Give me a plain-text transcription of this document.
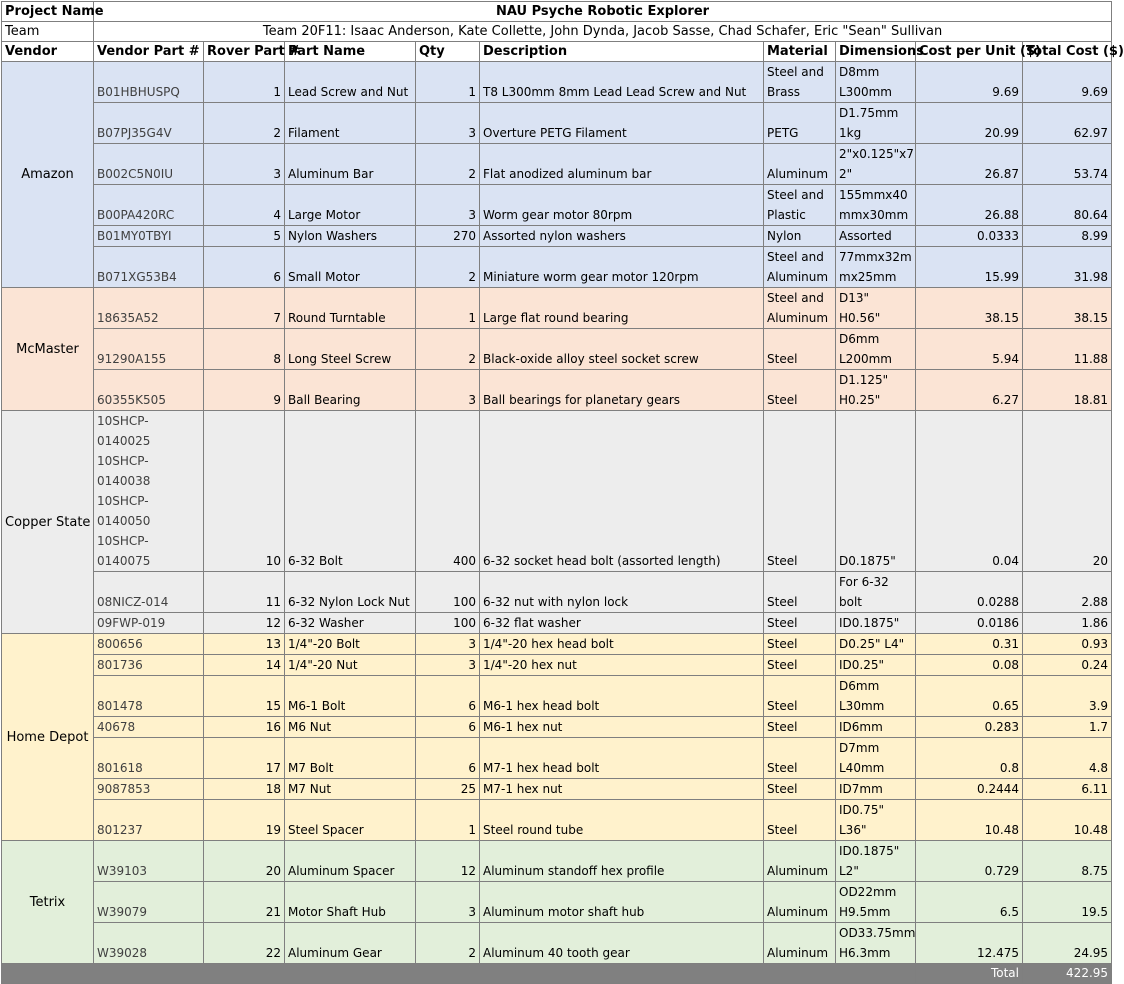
Project Name	NAU Psyche Robotic Explorer								
Team	Team 20F11: Isaac Anderson, Kate Collette, John Dynda, Jacob Sasse, Chad Schafer, Eric "Sean" Sullivan								
Vendor	Vendor Part #	Rover Part #	Part Name	Qty	Description	Material	Dimensions	Cost per Unit ($)	Total Cost ($)
Amazon	B01HBHUSPQ	1	Lead Screw and Nut	1	T8 L300mm 8mm Lead Lead Screw and Nut	Steel and Brass	D8mm L300mm	9.69	9.69
	B07PJ35G4V	2	Filament	3	Overture PETG Filament	PETG	D1.75mm 1kg	20.99	62.97
	B002C5N0IU	3	Aluminum Bar	2	Flat anodized aluminum bar	Aluminum	2"x0.125"x7 2"	26.87	53.74
	B00PA420RC	4	Large Motor	3	Worm gear motor 80rpm	Steel and Plastic	155mmx40 mmx30mm	26.88	80.64
	B01MY0TBYI	5	Nylon Washers	270	Assorted nylon washers	Nylon	Assorted	0.0333	8.99
	B071XG53B4	6	Small Motor	2	Miniature worm gear motor 120rpm	Steel and Aluminum	77mmx32m mx25mm	15.99	31.98
McMaster	18635A52	7	Round Turntable	1	Large flat round bearing	Steel and Aluminum	D13" H0.56"	38.15	38.15
	91290A155	8	Long Steel Screw	2	Black-oxide alloy steel socket screw	Steel	D6mm L200mm	5.94	11.88
	60355K505	9	Ball Bearing	3	Ball bearings for planetary gears	Steel	D1.125" H0.25"	6.27	18.81
Copper State	10SHCP-0140025 10SHCP-0140038 10SHCP-0140050 10SHCP-0140075	10	6-32 Bolt	400	6-32 socket head bolt (assorted length)	Steel	D0.1875"	0.04	20
	08NICZ-014	11	6-32 Nylon Lock Nut	100	6-32 nut with nylon lock	Steel	For 6-32 bolt	0.0288	2.88
	09FWP-019	12	6-32 Washer	100	6-32 flat washer	Steel	ID0.1875"	0.0186	1.86
Home Depot	800656	13	1/4"-20 Bolt	3	1/4"-20 hex head bolt	Steel	D0.25" L4"	0.31	0.93
	801736	14	1/4"-20 Nut	3	1/4"-20 hex nut	Steel	ID0.25"	0.08	0.24
	801478	15	M6-1 Bolt	6	M6-1 hex head bolt	Steel	D6mm L30mm	0.65	3.9
	40678	16	M6 Nut	6	M6-1 hex nut	Steel	ID6mm	0.283	1.7
	801618	17	M7 Bolt	6	M7-1 hex head bolt	Steel	D7mm L40mm	0.8	4.8
	9087853	18	M7 Nut	25	M7-1 hex nut	Steel	ID7mm	0.2444	6.11
	801237	19	Steel Spacer	1	Steel round tube	Steel	ID0.75" L36"	10.48	10.48
Tetrix	W39103	20	Aluminum Spacer	12	Aluminum standoff hex profile	Aluminum	ID0.1875" L2"	0.729	8.75
	W39079	21	Motor Shaft Hub	3	Aluminum motor shaft hub	Aluminum	OD22mm H9.5mm	6.5	19.5
	W39028	22	Aluminum Gear	2	Aluminum 40 tooth gear	Aluminum	OD33.75mm H6.3mm	12.475	24.95
								Total	422.95
